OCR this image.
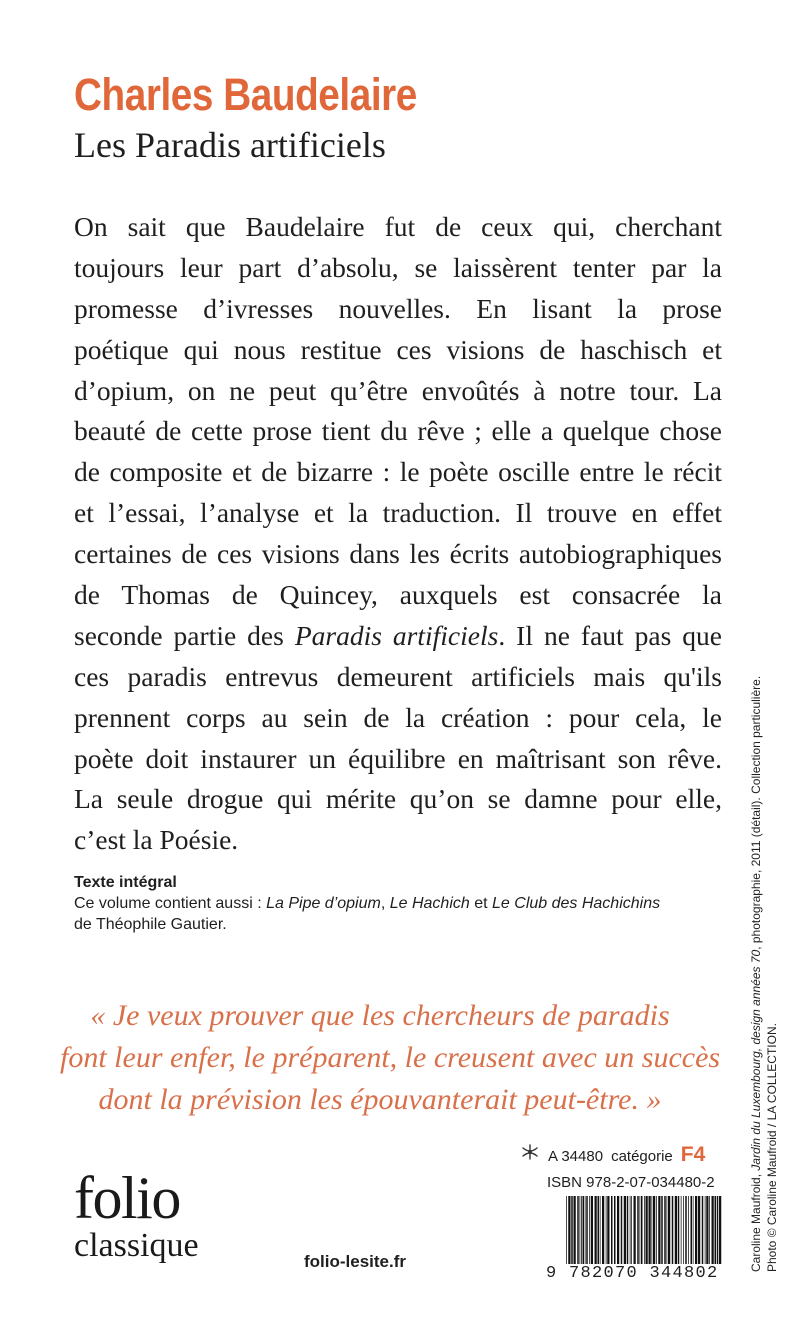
Charles Baudelaire
Les Paradis artificiels
On sait que Baudelaire fut de ceux qui, cherchant
toujours leur part d’absolu, se laissèrent tenter par la
promesse d’ivresses nouvelles. En lisant la prose
poétique qui nous restitue ces visions de haschisch et
d’opium, on ne peut qu’être envoûtés à notre tour. La
beauté de cette prose tient du rêve ; elle a quelque chose
de composite et de bizarre : le poète oscille entre le récit
et l’essai, l’analyse et la traduction. Il trouve en effet
certaines de ces visions dans les écrits autobiographiques
de Thomas de Quincey, auxquels est consacrée la
seconde partie des Paradis artificiels. Il ne faut pas que
ces paradis entrevus demeurent artificiels mais qu'ils
prennent corps au sein de la création : pour cela, le
poète doit instaurer un équilibre en maîtrisant son rêve.
La seule drogue qui mérite qu’on se damne pour elle,
c’est la Poésie.
Texte intégral
Ce volume contient aussi : La Pipe d’opium, Le Hachich et Le Club des Hachichins
de Théophile Gautier.
« Je veux prouver que les chercheurs de paradis
font leur enfer, le préparent, le creusent avec un succès
dont la prévision les épouvanterait peut-être. »
folio
classique	folio-lesite.fr
A 34480 catégorie F4
ISBN 978-2-07-034480-2
9 782070 344802
Caroline Maufroid, Jardin du Luxembourg, design années 70, photographie, 2011 (détail). Collection particulière.
Photo © Caroline Maufroid / LA COLLECTION.
